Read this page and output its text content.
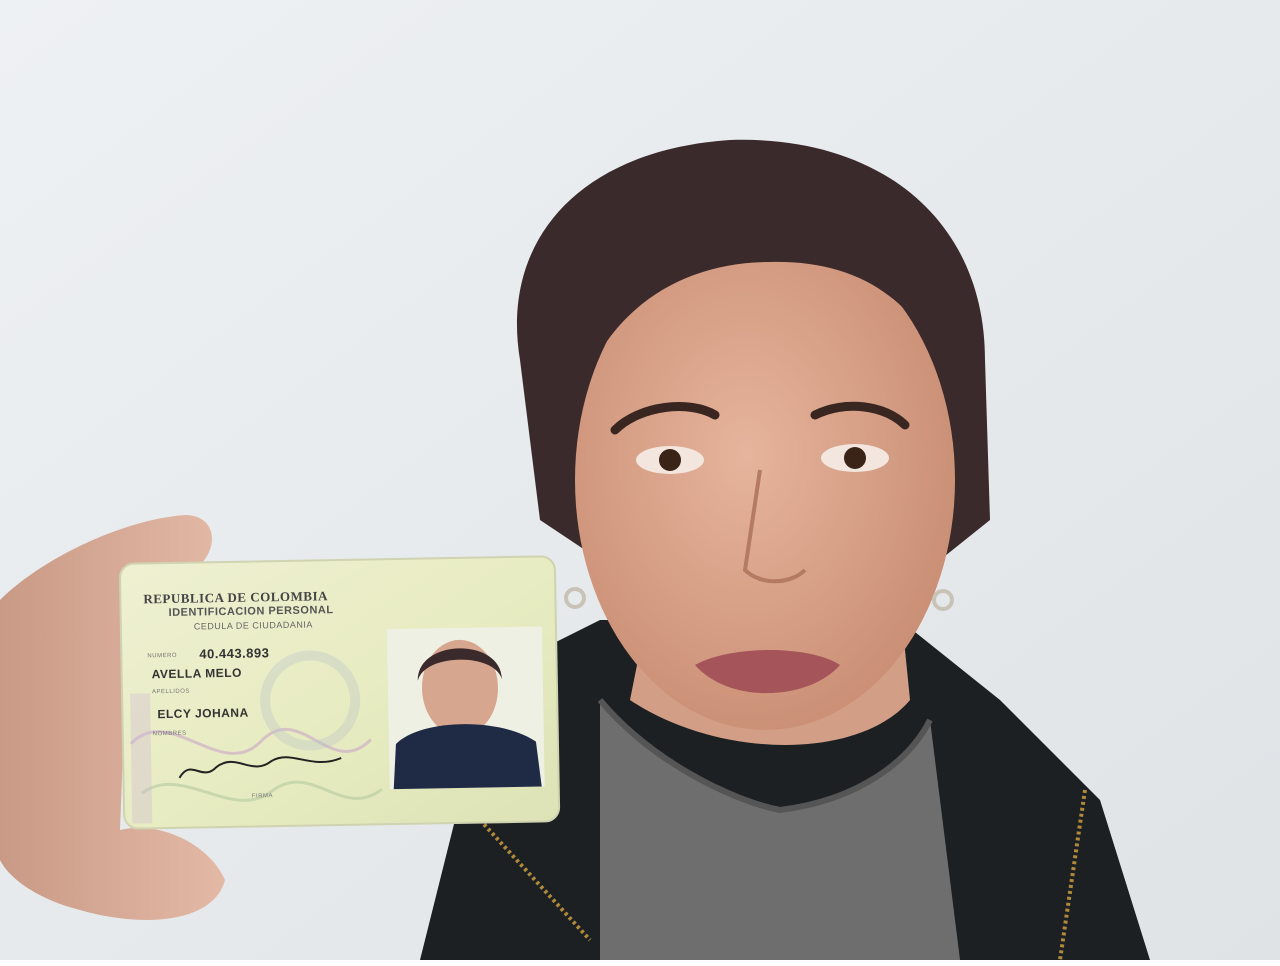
REPUBLICA DE COLOMBIA
IDENTIFICACION PERSONAL
CEDULA DE CIUDADANIA
NUMERO 40.443.893
AVELLA MELO
APELLIDOS
ELCY JOHANA
NOMBRES
FIRMA
